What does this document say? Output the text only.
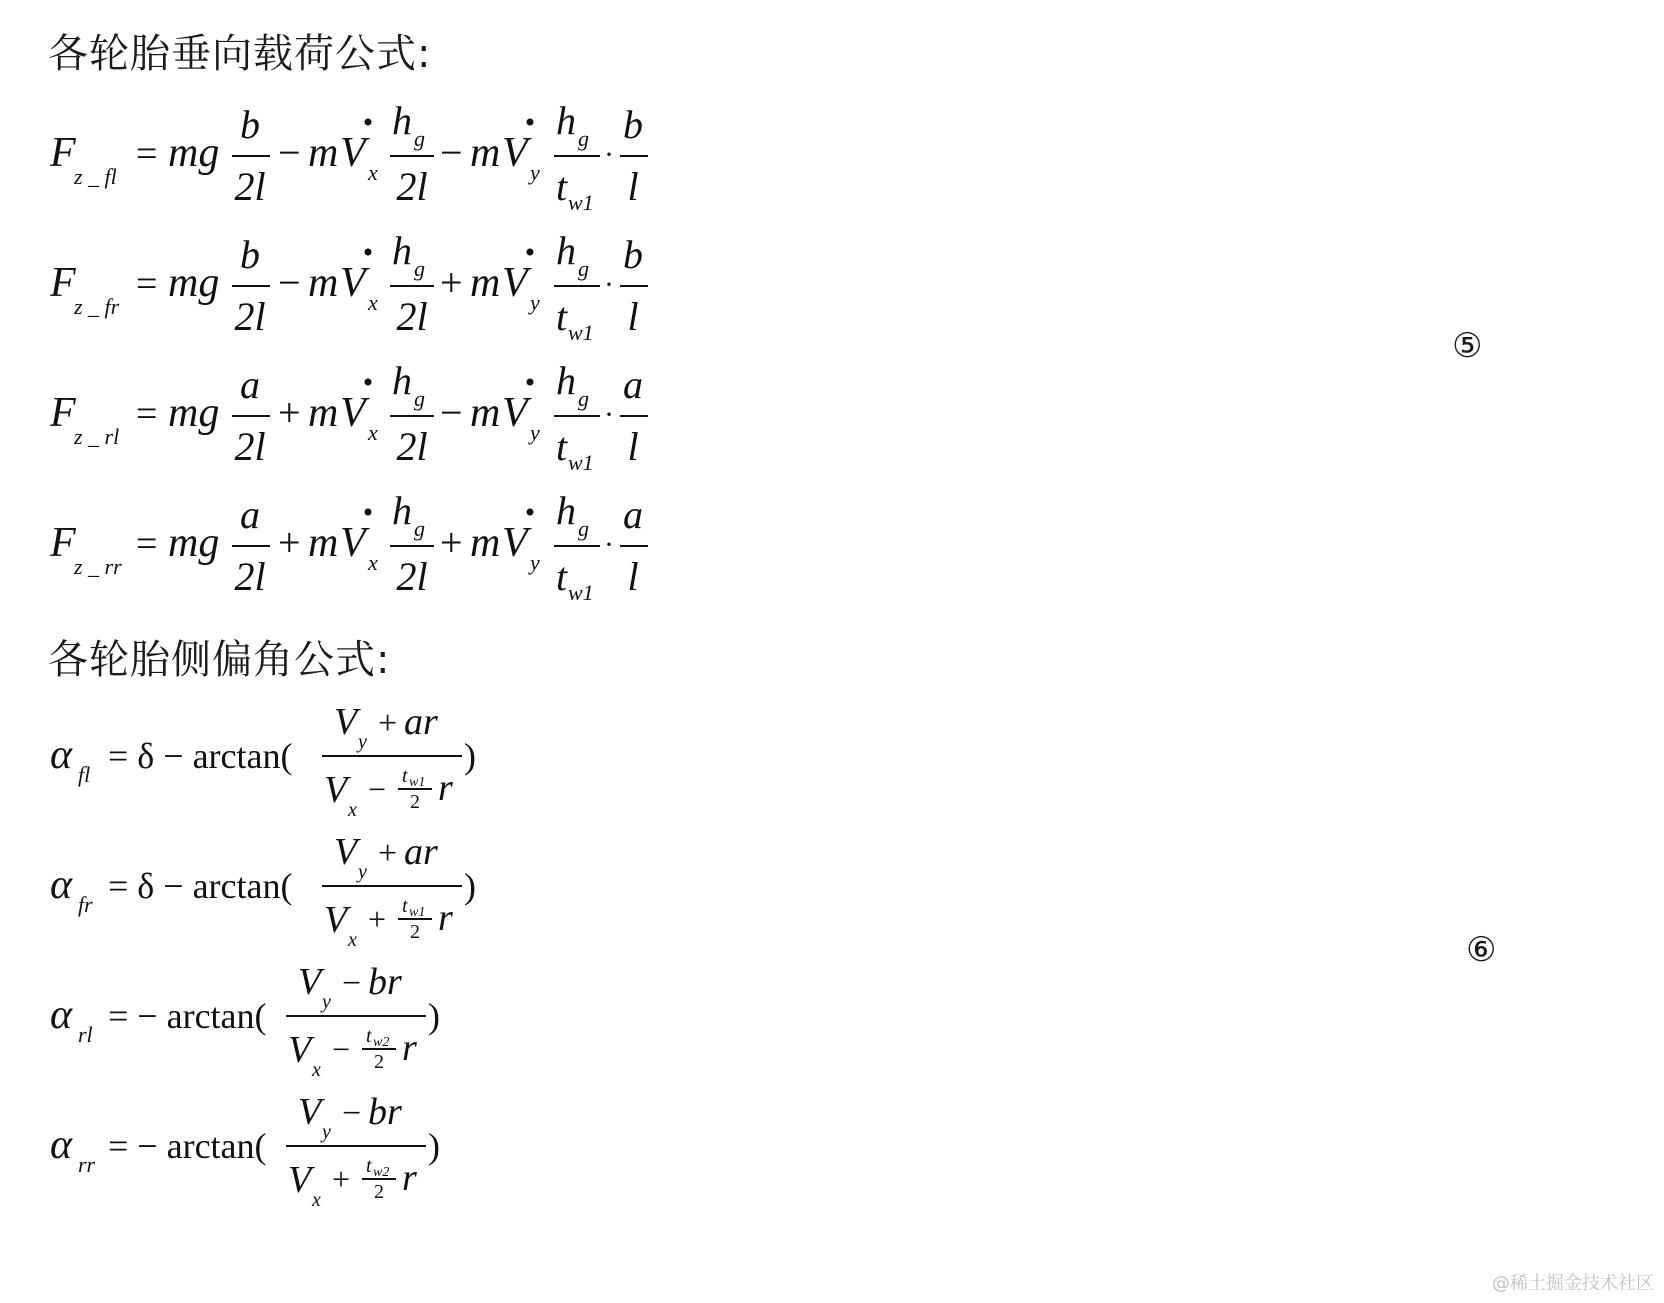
各轮胎垂向载荷公式:
F
z _ fl
= mg
b
2l
− m V x
h g
2l
− m V y
h g
t w1
·
b
l
F
z _ fr
= mg
b
2l
− m V x
h g
2l
+ m V y
h g
t w1
·
b
l
F
z _ rl
= mg
a
2l
+ m V x
h g
2l
− m V y
h g
t w1
·
a
l
F
z _ rr
= mg
a
2l
+ m V x
h g
2l
+ m V y
h g
t w1
·
a
l
⑤
各轮胎侧偏角公式:
α fl = δ − arctan(
V y + ar
V x
− t w1
2 r
)
α fr = δ − arctan(
V y + ar
V x
+ t w1
2 r
)
α rl = − arctan(
V y − br
V x
− t w2
2 r
)
α rr = − arctan(
V y − br
V x
+ t w2
2 r
)
⑥
@稀土掘金技术社区
